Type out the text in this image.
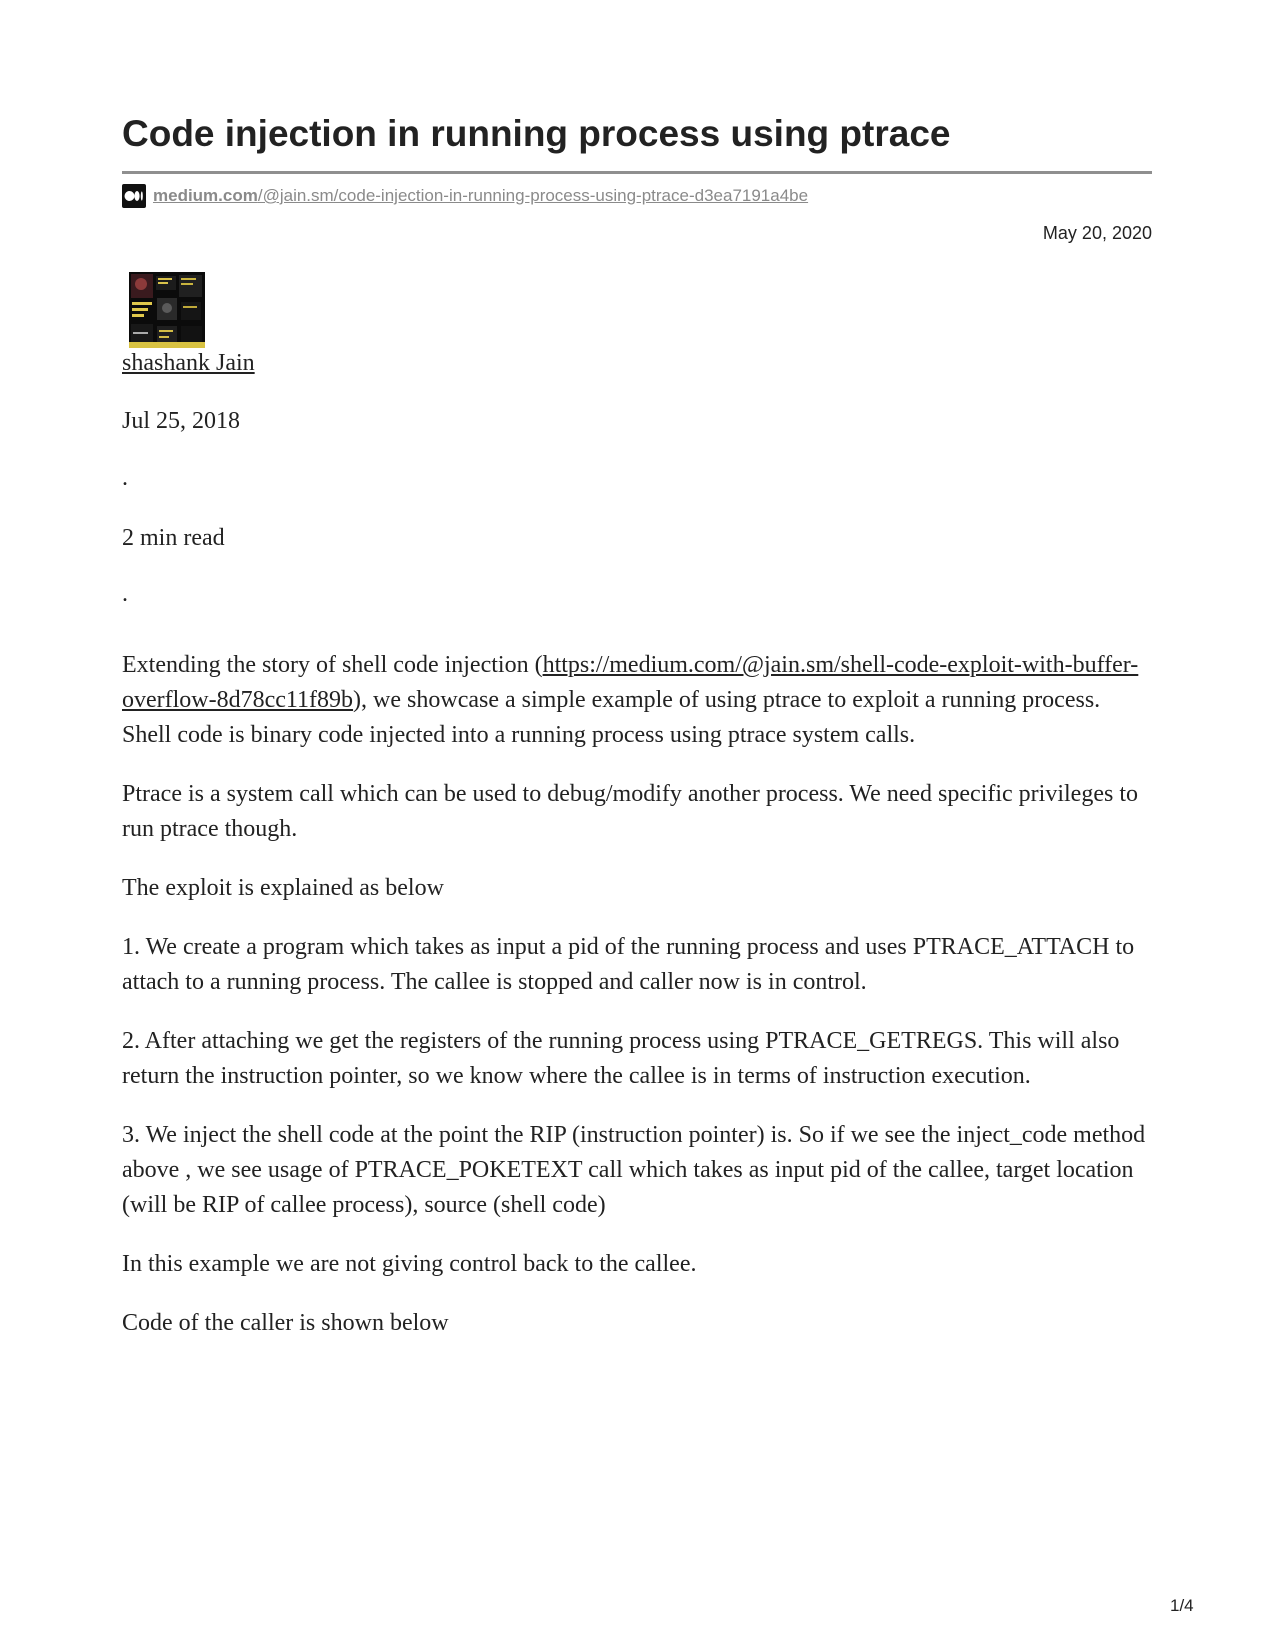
Code injection in running process using ptrace
medium.com/@jain.sm/code-injection-in-running-process-using-ptrace-d3ea7191a4be
May 20, 2020
shashank Jain
Jul 25, 2018
.
2 min read
.

Extending the story of shell code injection (https://medium.com/@jain.sm/shell-code-exploit-with-buffer-overflow-8d78cc11f89b), we showcase a simple example of using ptrace to exploit a running process. Shell code is binary code injected into a running process using ptrace system calls.

Ptrace is a system call which can be used to debug/modify another process. We need specific privileges to run ptrace though.

The exploit is explained as below

1. We create a program which takes as input a pid of the running process and uses PTRACE_ATTACH to attach to a running process. The callee is stopped and caller now is in control.

2. After attaching we get the registers of the running process using PTRACE_GETREGS. This will also return the instruction pointer, so we know where the callee is in terms of instruction execution.

3. We inject the shell code at the point the RIP (instruction pointer) is. So if we see the inject_code method above , we see usage of PTRACE_POKETEXT call which takes as input pid of the callee, target location (will be RIP of callee process), source (shell code)

In this example we are not giving control back to the callee.

Code of the caller is shown below

1/4
